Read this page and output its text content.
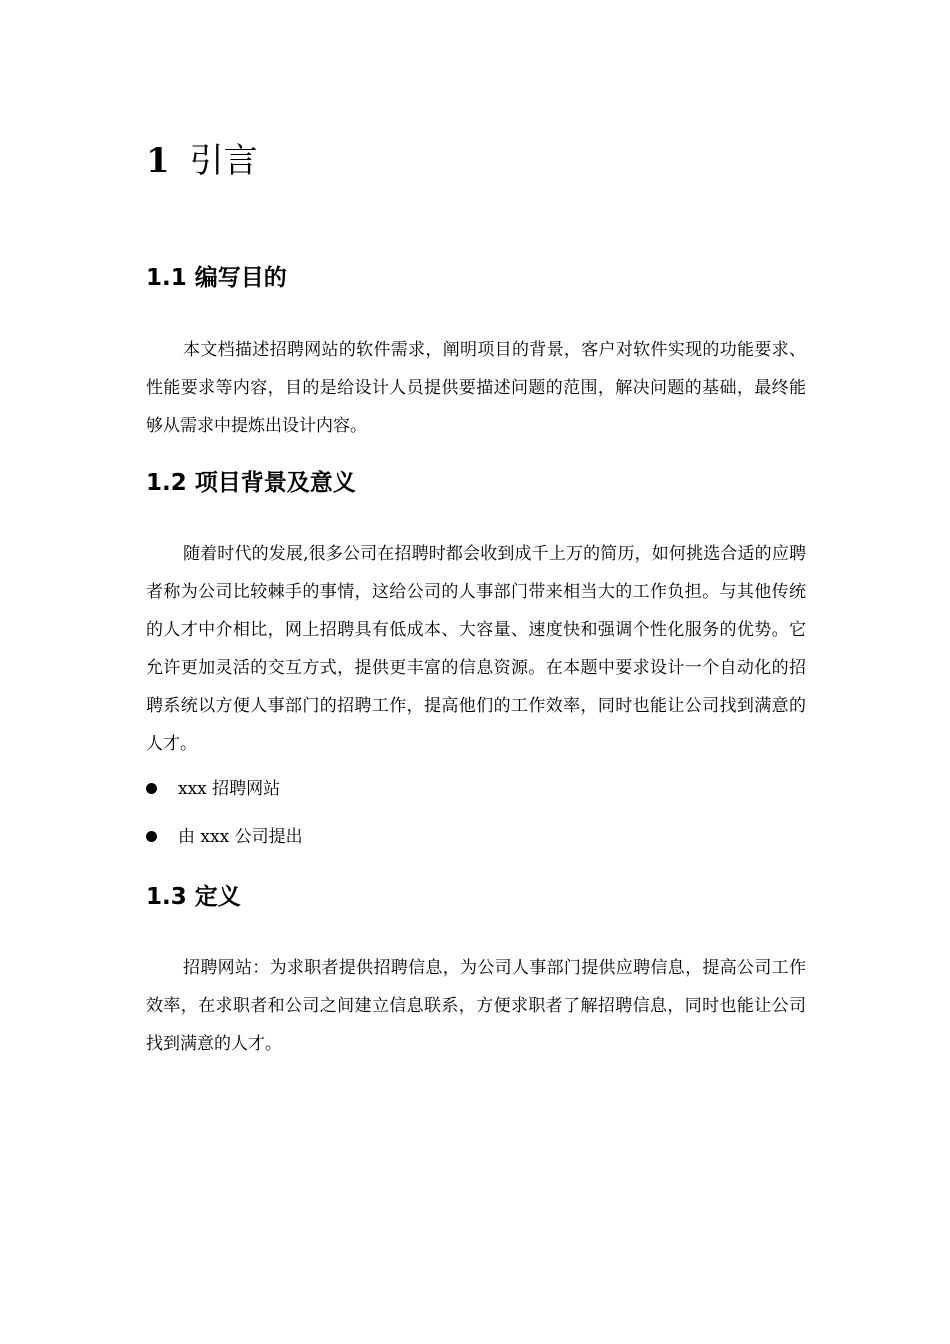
1 引言
1.1 编写目的

本文档描述招聘网站的软件需求，阐明项目的背景，客户对软件实现的功能要求、性能要求等内容，目的是给设计人员提供要描述问题的范围，解决问题的基础，最终能够从需求中提炼出设计内容。

1.2 项目背景及意义

随着时代的发展,很多公司在招聘时都会收到成千上万的简历，如何挑选合适的应聘者称为公司比较棘手的事情，这给公司的人事部门带来相当大的工作负担。与其他传统的人才中介相比，网上招聘具有低成本、大容量、速度快和强调个性化服务的优势。它允许更加灵活的交互方式，提供更丰富的信息资源。在本题中要求设计一个自动化的招聘系统以方便人事部门的招聘工作，提高他们的工作效率，同时也能让公司找到满意的人才。

xxx 招聘网站
由 xxx 公司提出
1.3 定义

招聘网站：为求职者提供招聘信息，为公司人事部门提供应聘信息，提高公司工作效率，在求职者和公司之间建立信息联系，方便求职者了解招聘信息，同时也能让公司找到满意的人才。
